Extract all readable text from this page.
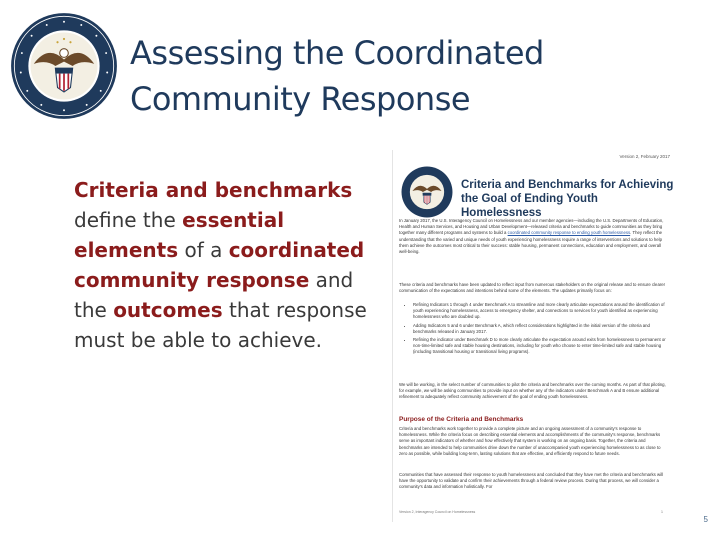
Assessing the Coordinated
Community Response
Criteria and benchmarks define the essential elements of a coordinated community response and the outcomes that response must be able to achieve.
Version 2, February 2017
Criteria and Benchmarks for Achieving the Goal of Ending Youth Homelessness
In January 2017, the U.S. Interagency Council on Homelessness and our member agencies—including the U.S. Departments of Education, Health and Human Services, and Housing and Urban Development—released criteria and benchmarks to guide communities as they bring together many different programs and systems to build a coordinated community response to ending youth homelessness. They reflect the understanding that the varied and unique needs of youth experiencing homelessness require a range of interventions and solutions to help them achieve the outcomes most critical to their success: stable housing, permanent connections, education and employment, and overall well-being.
These criteria and benchmarks have been updated to reflect input from numerous stakeholders on the original release and to ensure clearer communication of the expectations and intentions behind some of the elements. The updates primarily focus on:
• Refining Indicators 1 through 4 under Benchmark A to streamline and more clearly articulate expectations around the identification of youth experiencing homelessness, access to emergency shelter, and connections to services for youth identified as experiencing homelessness who are doubled up.
• Adding Indicators 5 and 6 under Benchmark A, which reflect considerations highlighted in the initial version of the criteria and benchmarks released in January 2017.
• Refining the indicator under Benchmark D to more clearly articulate the expectation around exits from homelessness to permanent or non-time-limited safe and stable housing destinations, including for youth who choose to enter time-limited safe and stable housing (including transitional housing or transitional living programs).
We will be working, in the select number of communities to pilot the criteria and benchmarks over the coming months. As part of that piloting, for example, we will be asking communities to provide input on whether any of the indicators under Benchmark A and B ensure additional refinement to adequately reflect community achievement of the goal of ending youth homelessness.
Purpose of the Criteria and Benchmarks
Criteria and benchmarks work together to provide a complete picture and an ongoing assessment of a community's response to homelessness. While the criteria focus on describing essential elements and accomplishments of the community's response, benchmarks serve as important indicators of whether and how effectively that system is working on an ongoing basis. Together, the criteria and benchmarks are intended to help communities drive down the number of unaccompanied youth experiencing homelessness to as close to zero as possible, while building long-term, lasting solutions that are effective, and efficiently respond to future needs.
Communities that have assessed their response to youth homelessness and concluded that they have met the criteria and benchmarks will have the opportunity to validate and confirm their achievements through a federal review process. During that process, we will consider a community's data and information holistically. For
Version 2, Interagency Council on Homelessness	1
5
